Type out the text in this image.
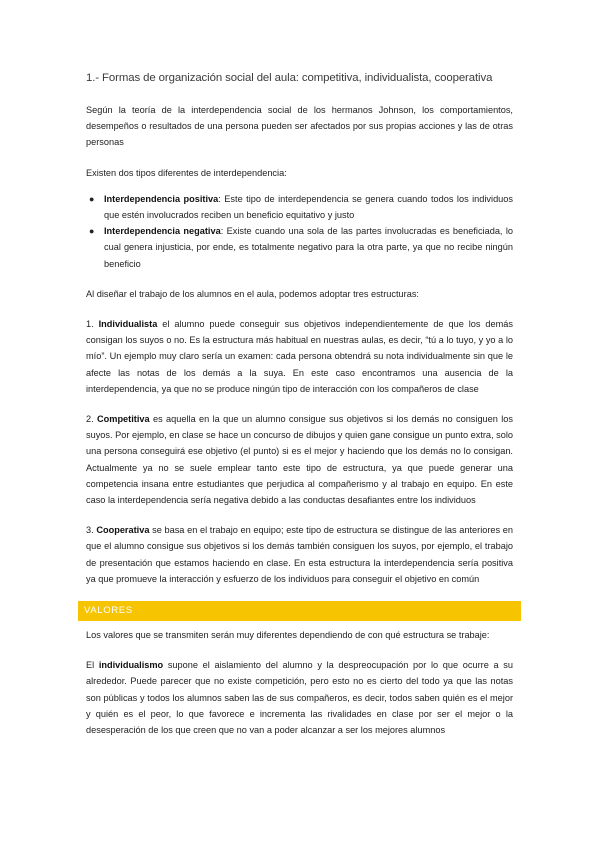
1.- Formas de organización social del aula: competitiva, individualista, cooperativa

Según la teoría de la interdependencia social de los hermanos Johnson, los comportamientos, desempeños o resultados de una persona pueden ser afectados por sus propias acciones y las de otras personas

Existen dos tipos diferentes de interdependencia:

● Interdependencia positiva: Este tipo de interdependencia se genera cuando todos los individuos que estén involucrados reciben un beneficio equitativo y justo
● Interdependencia negativa: Existe cuando una sola de las partes involucradas es beneficiada, lo cual genera injusticia, por ende, es totalmente negativo para la otra parte, ya que no recibe ningún beneficio

Al diseñar el trabajo de los alumnos en el aula, podemos adoptar tres estructuras:

1. Individualista el alumno puede conseguir sus objetivos independientemente de que los demás consigan los suyos o no. Es la estructura más habitual en nuestras aulas, es decir, “tú a lo tuyo, y yo a lo mío”. Un ejemplo muy claro sería un examen: cada persona obtendrá su nota individualmente sin que le afecte las notas de los demás a la suya. En este caso encontramos una ausencia de la interdependencia, ya que no se produce ningún tipo de interacción con los compañeros de clase

2. Competitiva es aquella en la que un alumno consigue sus objetivos si los demás no consiguen los suyos. Por ejemplo, en clase se hace un concurso de dibujos y quien gane consigue un punto extra, solo una persona conseguirá ese objetivo (el punto) si es el mejor y haciendo que los demás no lo consigan. Actualmente ya no se suele emplear tanto este tipo de estructura, ya que puede generar una competencia insana entre estudiantes que perjudica al compañerismo y al trabajo en equipo. En este caso la interdependencia sería negativa debido a las conductas desafiantes entre los individuos

3. Cooperativa se basa en el trabajo en equipo; este tipo de estructura se distingue de las anteriores en que el alumno consigue sus objetivos si los demás también consiguen los suyos, por ejemplo, el trabajo de presentación que estamos haciendo en clase. En esta estructura la interdependencia sería positiva ya que promueve la interacción y esfuerzo de los individuos para conseguir el objetivo en común

VALORES

Los valores que se transmiten serán muy diferentes dependiendo de con qué estructura se trabaje:

El individualismo supone el aislamiento del alumno y la despreocupación por lo que ocurre a su alrededor. Puede parecer que no existe competición, pero esto no es cierto del todo ya que las notas son públicas y todos los alumnos saben las de sus compañeros, es decir, todos saben quién es el mejor y quién es el peor, lo que favorece e incrementa las rivalidades en clase por ser el mejor o la desesperación de los que creen que no van a poder alcanzar a ser los mejores alumnos
